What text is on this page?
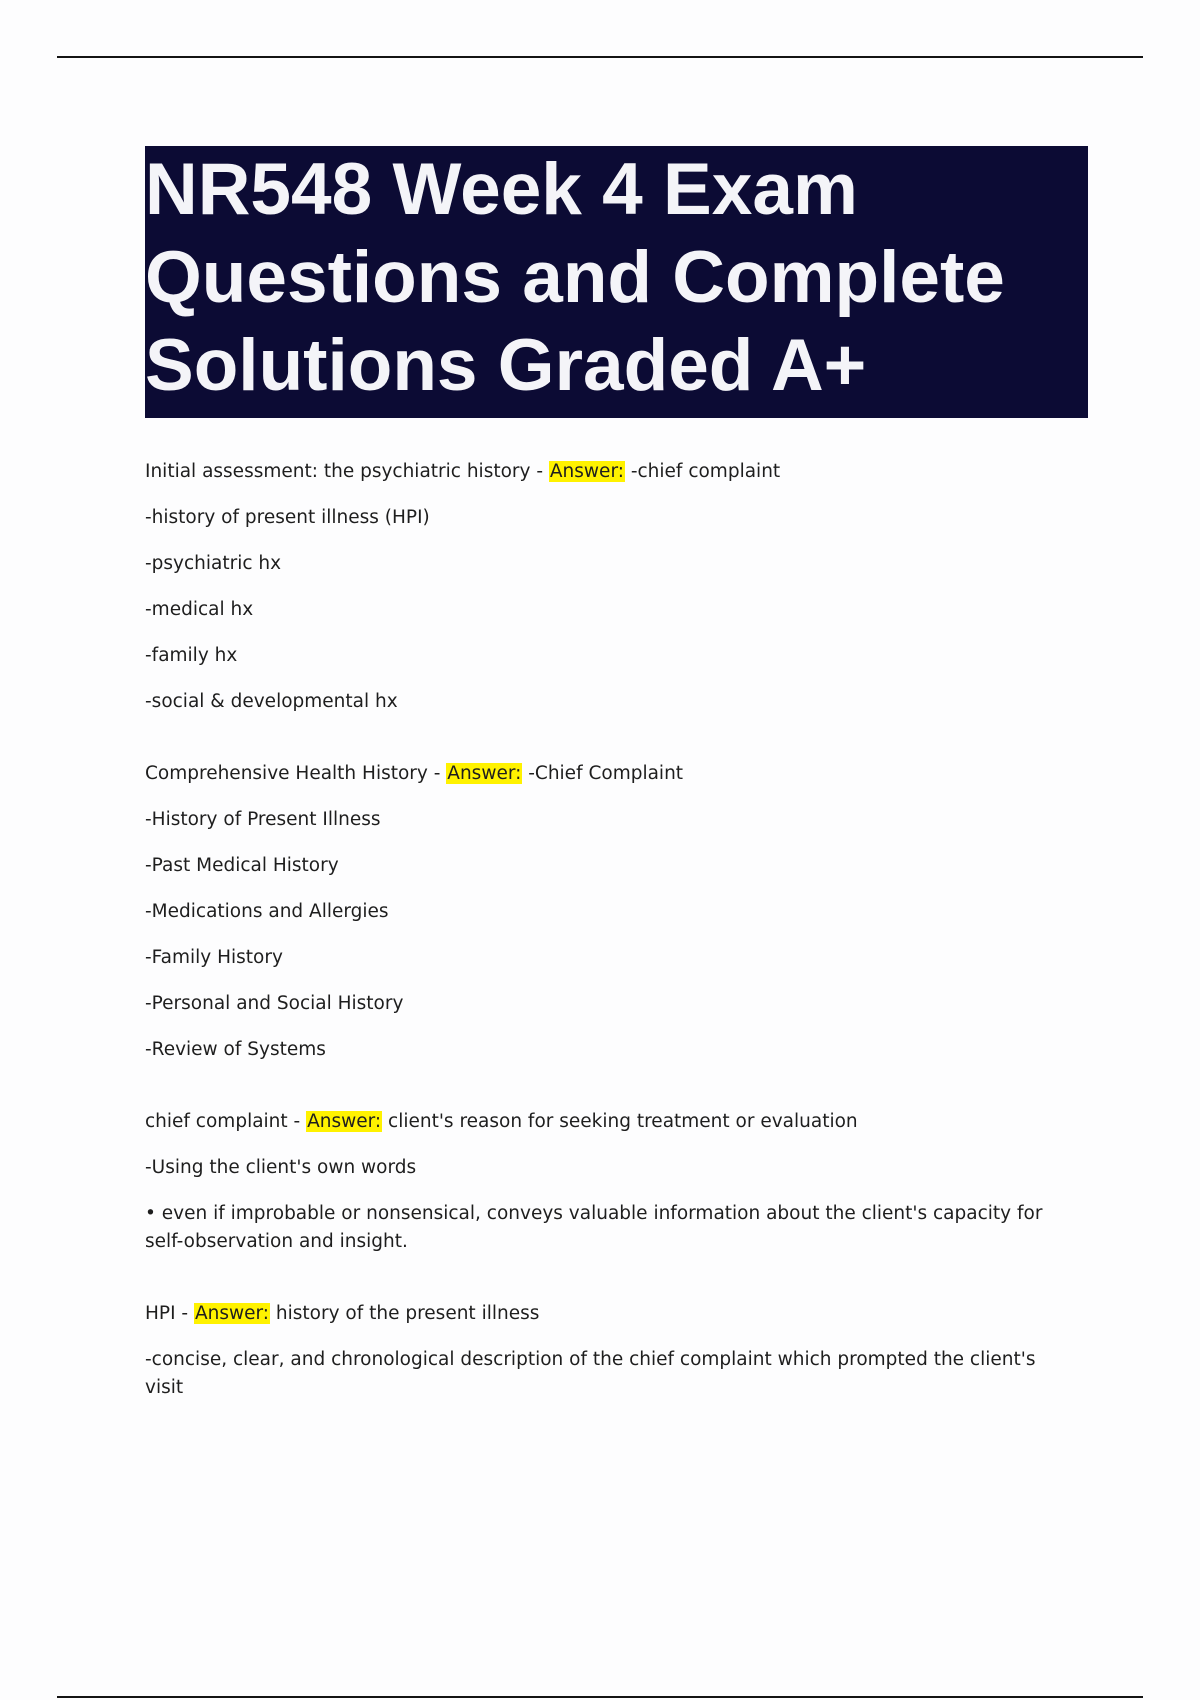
NR548 Week 4 Exam
Questions and Complete
Solutions Graded A+

Initial assessment: the psychiatric history - Answer: -chief complaint

-history of present illness (HPI)

-psychiatric hx

-medical hx

-family hx

-social & developmental hx

Comprehensive Health History - Answer: -Chief Complaint

-History of Present Illness

-Past Medical History

-Medications and Allergies

-Family History

-Personal and Social History

-Review of Systems

chief complaint - Answer: client's reason for seeking treatment or evaluation

-Using the client's own words

• even if improbable or nonsensical, conveys valuable information about the client's capacity for self-observation and insight.

HPI - Answer: history of the present illness

-concise, clear, and chronological description of the chief complaint which prompted the client's visit
